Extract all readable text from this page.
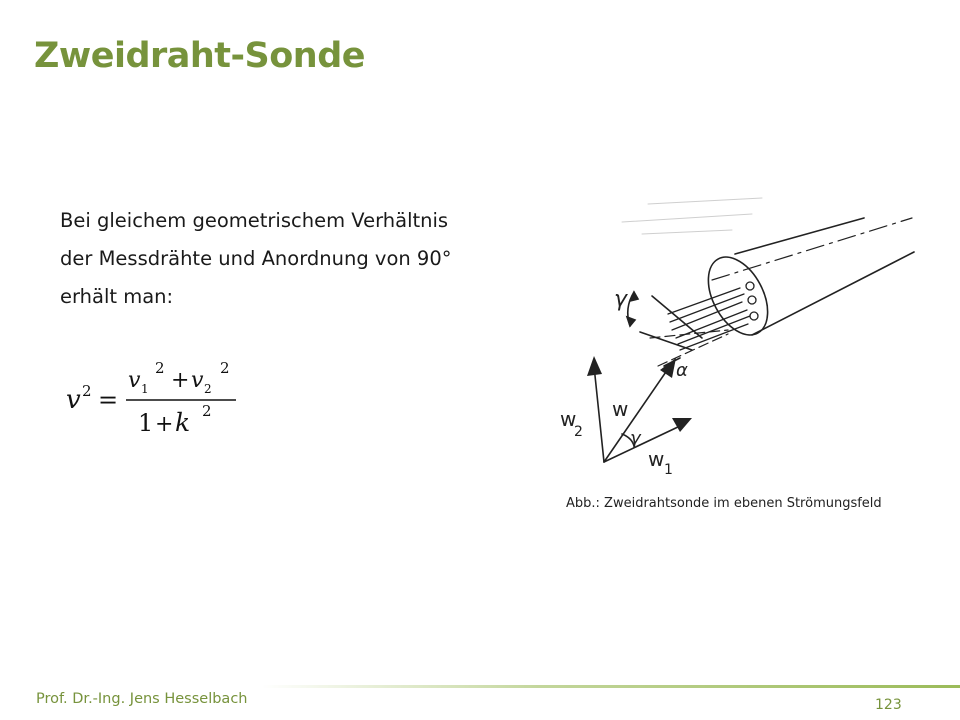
Zweidraht-Sonde
Bei gleichem geometrischem Verhältnis
der Messdrähte und Anordnung von 90°
erhält man:
v 2 =
v 1
2 + v 2
2
1 + k 2
γ
α
w
γ
w
2
w 1
Abb.: Zweidrahtsonde im ebenen Strömungsfeld
Prof. Dr.-Ing. Jens Hesselbach	123
